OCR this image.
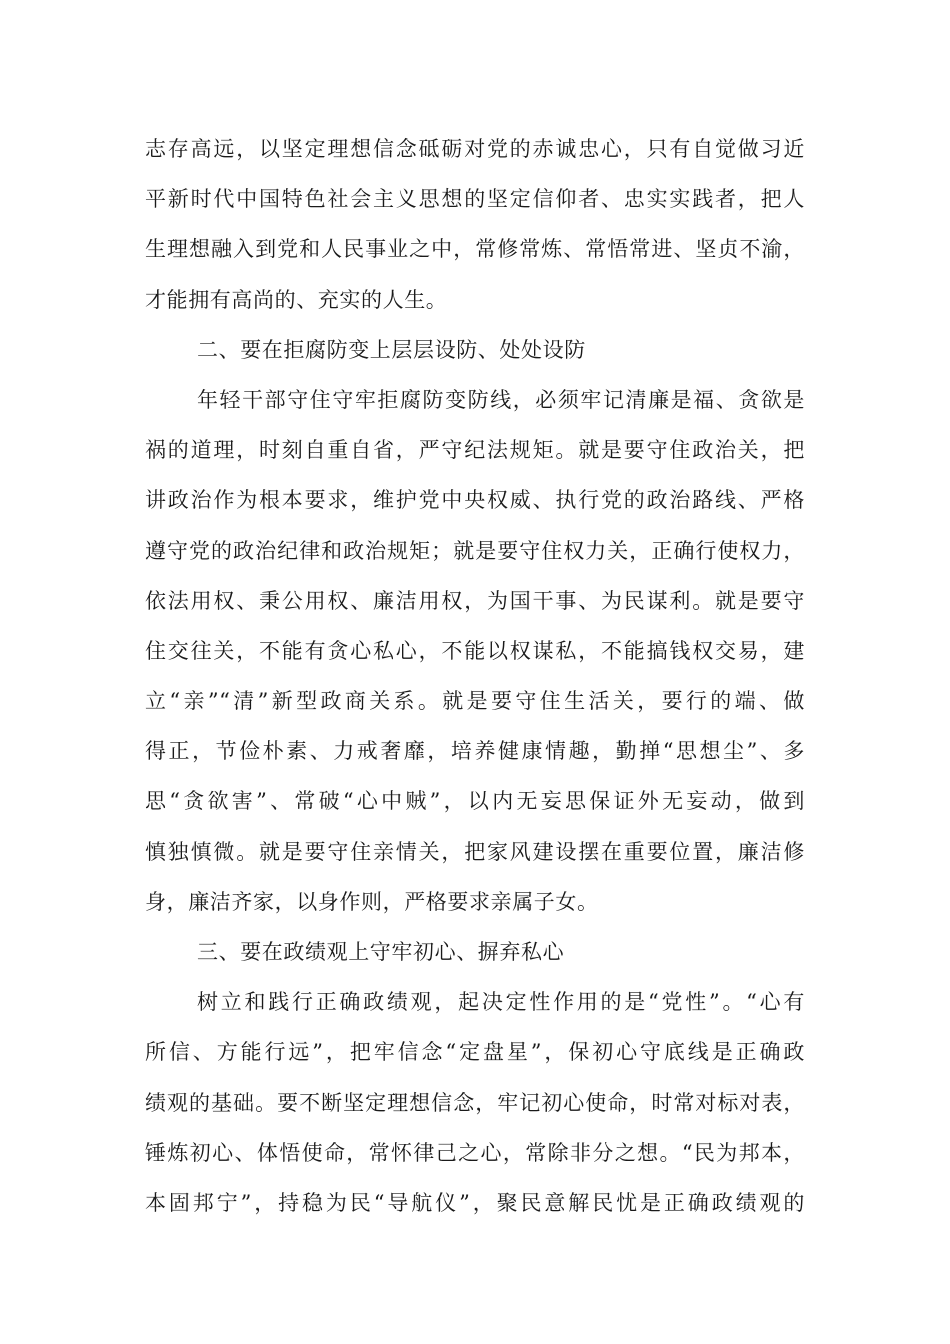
志存高远，以坚定理想信念砥砺对党的赤诚忠心，只有自觉做习近
平新时代中国特色社会主义思想的坚定信仰者、忠实实践者，把人
生理想融入到党和人民事业之中，常修常炼、常悟常进、坚贞不渝，
才能拥有高尚的、充实的人生。
二、要在拒腐防变上层层设防、处处设防
年轻干部守住守牢拒腐防变防线，必须牢记清廉是福、贪欲是
祸的道理，时刻自重自省，严守纪法规矩。就是要守住政治关，把
讲政治作为根本要求，维护党中央权威、执行党的政治路线、严格
遵守党的政治纪律和政治规矩；就是要守住权力关，正确行使权力，
依法用权、秉公用权、廉洁用权，为国干事、为民谋利。就是要守
住交往关，不能有贪心私心，不能以权谋私，不能搞钱权交易，建
立“亲”“清”新型政商关系。就是要守住生活关，要行的端、做
得正，节俭朴素、力戒奢靡，培养健康情趣，勤掸“思想尘”、多
思“贪欲害”、常破“心中贼”，以内无妄思保证外无妄动，做到
慎独慎微。就是要守住亲情关，把家风建设摆在重要位置，廉洁修
身，廉洁齐家，以身作则，严格要求亲属子女。
三、要在政绩观上守牢初心、摒弃私心
树立和践行正确政绩观，起决定性作用的是“党性”。“心有
所信、方能行远”，把牢信念“定盘星”，保初心守底线是正确政
绩观的基础。要不断坚定理想信念，牢记初心使命，时常对标对表，
锤炼初心、体悟使命，常怀律己之心，常除非分之想。“民为邦本，
本固邦宁”，持稳为民“导航仪”，聚民意解民忧是正确政绩观的
